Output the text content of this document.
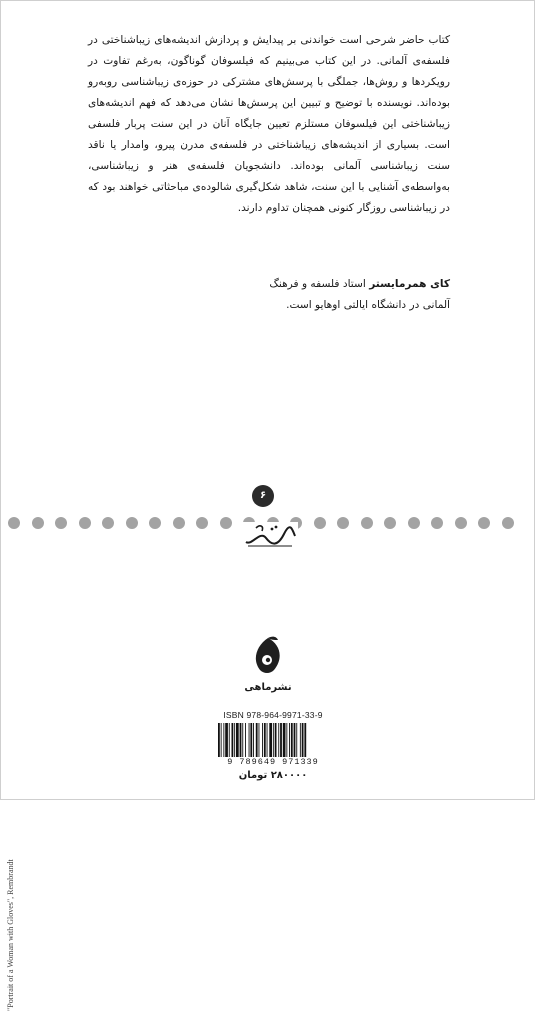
کتاب حاضر شرحی است خواندنی بر پیدایش و پردازش اندیشه‌های زیباشناختی در فلسفه‌ی آلمانی. در این کتاب می‌بینیم که فیلسوفان گوناگون، به‌رغم تفاوت در رویکردها و روش‌ها، جملگی با پرسش‌های مشترکی در حوزه‌ی زیباشناسی روبه‌رو بوده‌اند. نویسنده با توضیح و تبیین این پرسش‌ها نشان می‌دهد که فهم اندیشه‌های زیباشناختی این فیلسوفان مستلزم تعیین جایگاه آنان در این سنت پربار فلسفی است. بسیاری از اندیشه‌های زیباشناختی در فلسفه‌ی مدرن پیرو، وامدار یا ناقد سنت زیباشناسی آلمانی بوده‌اند. دانشجویان فلسفه‌ی هنر و زیباشناسی، به‌واسطه‌ی آشنایی با این سنت، شاهد شکل‌گیری شالوده‌ی مباحثاتی خواهند بود که در زیباشناسی روزگار کنونی همچنان تداوم دارند.
کای همرمایستر استاد فلسفه و فرهنگ
آلمانی در دانشگاه ایالتی اوهایو است.
۶
نشرماهی
"Portrait of a Woman with Gloves", Rembrandt
ISBN 978-964-9971-33-9
9 789649 971339
۲۸۰۰۰۰ تومان
